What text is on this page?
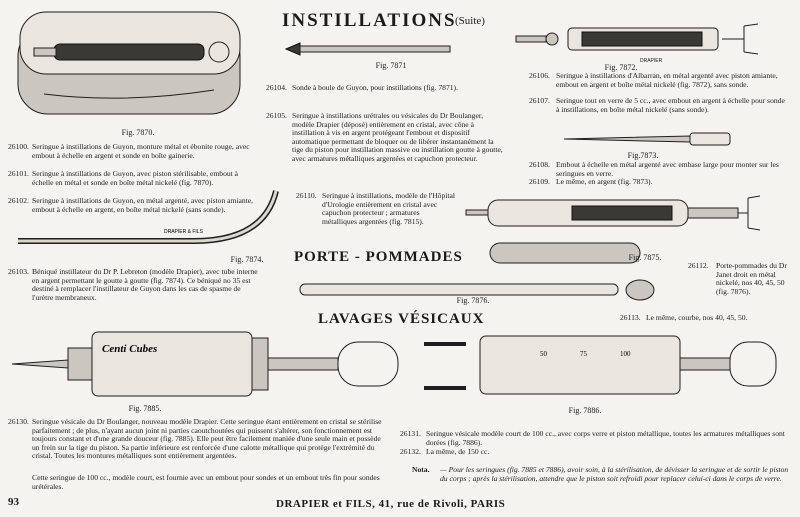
INSTILLATIONS
(Suite)
Fig. 7870.
26100. Seringue à instillations de Guyon, monture métal et ébonite rouge, avec embout à échelle en argent et sonde en boîte gainerie.
26101. Seringue à instillations de Guyon, avec piston stérilisable, embout à échelle en métal et sonde en boîte métal nickelé (fig. 7870).
26102. Seringue à instillations de Guyon, en métal argenté, avec piston amiante, embout à échelle en argent, en boîte métal nickelé (sans sonde).
DRAPIER & FILS
Fig. 7874.
26103. Béniqué instillateur du Dr P. Lebreton (modèle Drapier), avec tube interne en argent permettant le goutte à goutte (fig. 7874). Ce béniqué no 35 est destiné à remplacer l'instillateur de Guyon dans les cas de spasme de l'urètre membraneux.
Fig. 7871
26104. Sonde à boule de Guyon, pour instillations (fig. 7871).
26105. Seringue à instillations urétrales ou vésicales du Dr Boulanger, modèle Drapier (déposé) entièrement en cristal, avec cône à instillation à vis en argent protégeant l'embout et dispositif automatique permettant de bloquer ou de libérer instantanément la tige du piston pour instillation massive ou instillation goutte à goutte, avec armatures métalliques argentées et capuchon protecteur.
26110. Seringue à instillations, modèle de l'Hôpital d'Urologie entièrement en cristal avec capuchon protecteur ; armatures métalliques argentées (fig. 7815).
DRAPIER
Fig. 7872.
26106. Seringue à instillations d'Albarran, en métal argenté avec piston amiante, embout en argent et boîte métal nickelé (fig. 7872), sans sonde.
26107. Seringue tout en verre de 5 cc., avec embout en argent à échelle pour sonde à instillations, en boîte métal nickelé (sans sonde).
Fig.7873.
26108. Embout à échelle en métal argenté avec embase large pour monter sur les seringues en verre.
26109. Le même, en argent (fig. 7873).
PORTE - POMMADES	Fig. 7875.
Fig. 7876.
26112. Porte-pommades du Dr Janet droit en métal nickelé, nos 40, 45, 50 (fig. 7876).
26113. Le même, courbe, nos 40, 45, 50.
LAVAGES VÉSICAUX
Centi Cubes
Fig. 7885.
50	75	100
Fig. 7886.
26130. Seringue vésicale du Dr Boulanger, nouveau modèle Drapier. Cette seringue étant entièrement en cristal se stérilise parfaitement ; de plus, n'ayant aucun joint ni parties caoutchoutées qui puissent s'altérer, son fonctionnement est toujours constant et d'une grande douceur (fig. 7885). Elle peut être facilement maniée d'une seule main et possède un frein sur la tige du piston. Sa partie inférieure est renforcée d'une calotte métallique qui protège l'extrémité du cristal. Toutes les montures métalliques sont entièrement argentées.
Cette seringue de 100 cc., modèle court, est fournie avec un embout pour sondes et un embout très fin pour sondes urétérales.
26131. Seringue vésicale modèle court de 100 cc., avec corps verre et piston métallique, toutes les armatures métalliques sont dorées (fig. 7886).
26132. La même, de 150 cc.
Nota.	— Pour les seringues (fig. 7885 et 7886), avoir soin, à la stérilisation, de dévisser la seringue et de sortir le piston du corps ; après la stérilisation, attendre que le piston soit refroidi pour replacer celui-ci dans le corps de verre.
93	DRAPIER et FILS, 41, rue de Rivoli, PARIS
